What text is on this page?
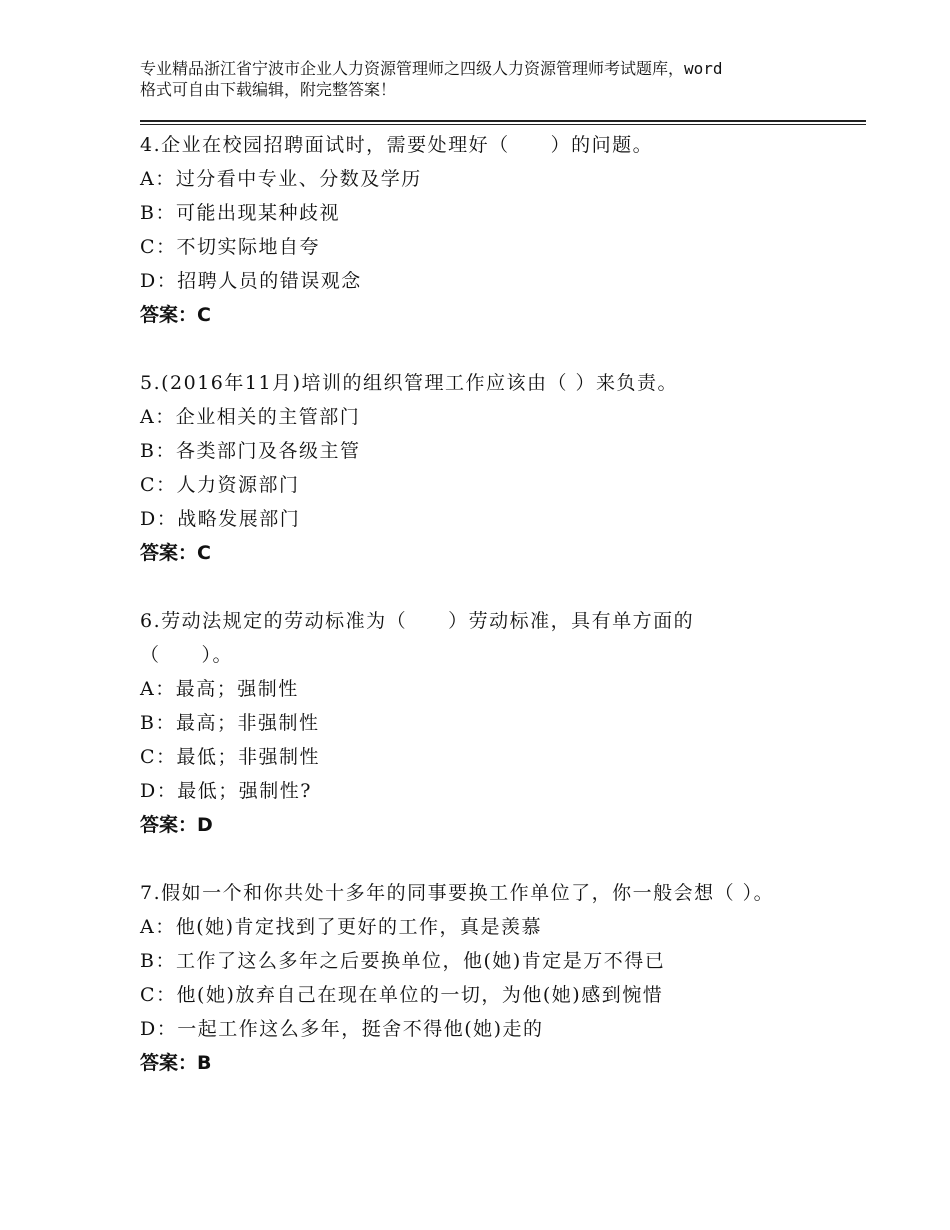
专业精品浙江省宁波市企业人力资源管理师之四级人力资源管理师考试题库，word
格式可自由下载编辑，附完整答案！
4.企业在校园招聘面试时，需要处理好（　　）的问题。
A：过分看中专业、分数及学历
B：可能出现某种歧视
C：不切实际地自夸
D：招聘人员的错误观念
答案：C
5.(2016年11月)培训的组织管理工作应该由（ ）来负责。
A：企业相关的主管部门
B：各类部门及各级主管
C：人力资源部门
D：战略发展部门
答案：C
6.劳动法规定的劳动标准为（　　）劳动标准，具有单方面的（　　）。
A：最高；强制性
B：最高；非强制性
C：最低；非强制性
D：最低；强制性?
答案：D
7.假如一个和你共处十多年的同事要换工作单位了，你一般会想（ ）。
A：他(她)肯定找到了更好的工作，真是羡慕
B：工作了这么多年之后要换单位，他(她)肯定是万不得已
C：他(她)放弃自己在现在单位的一切，为他(她)感到惋惜
D：一起工作这么多年，挺舍不得他(她)走的
答案：B
